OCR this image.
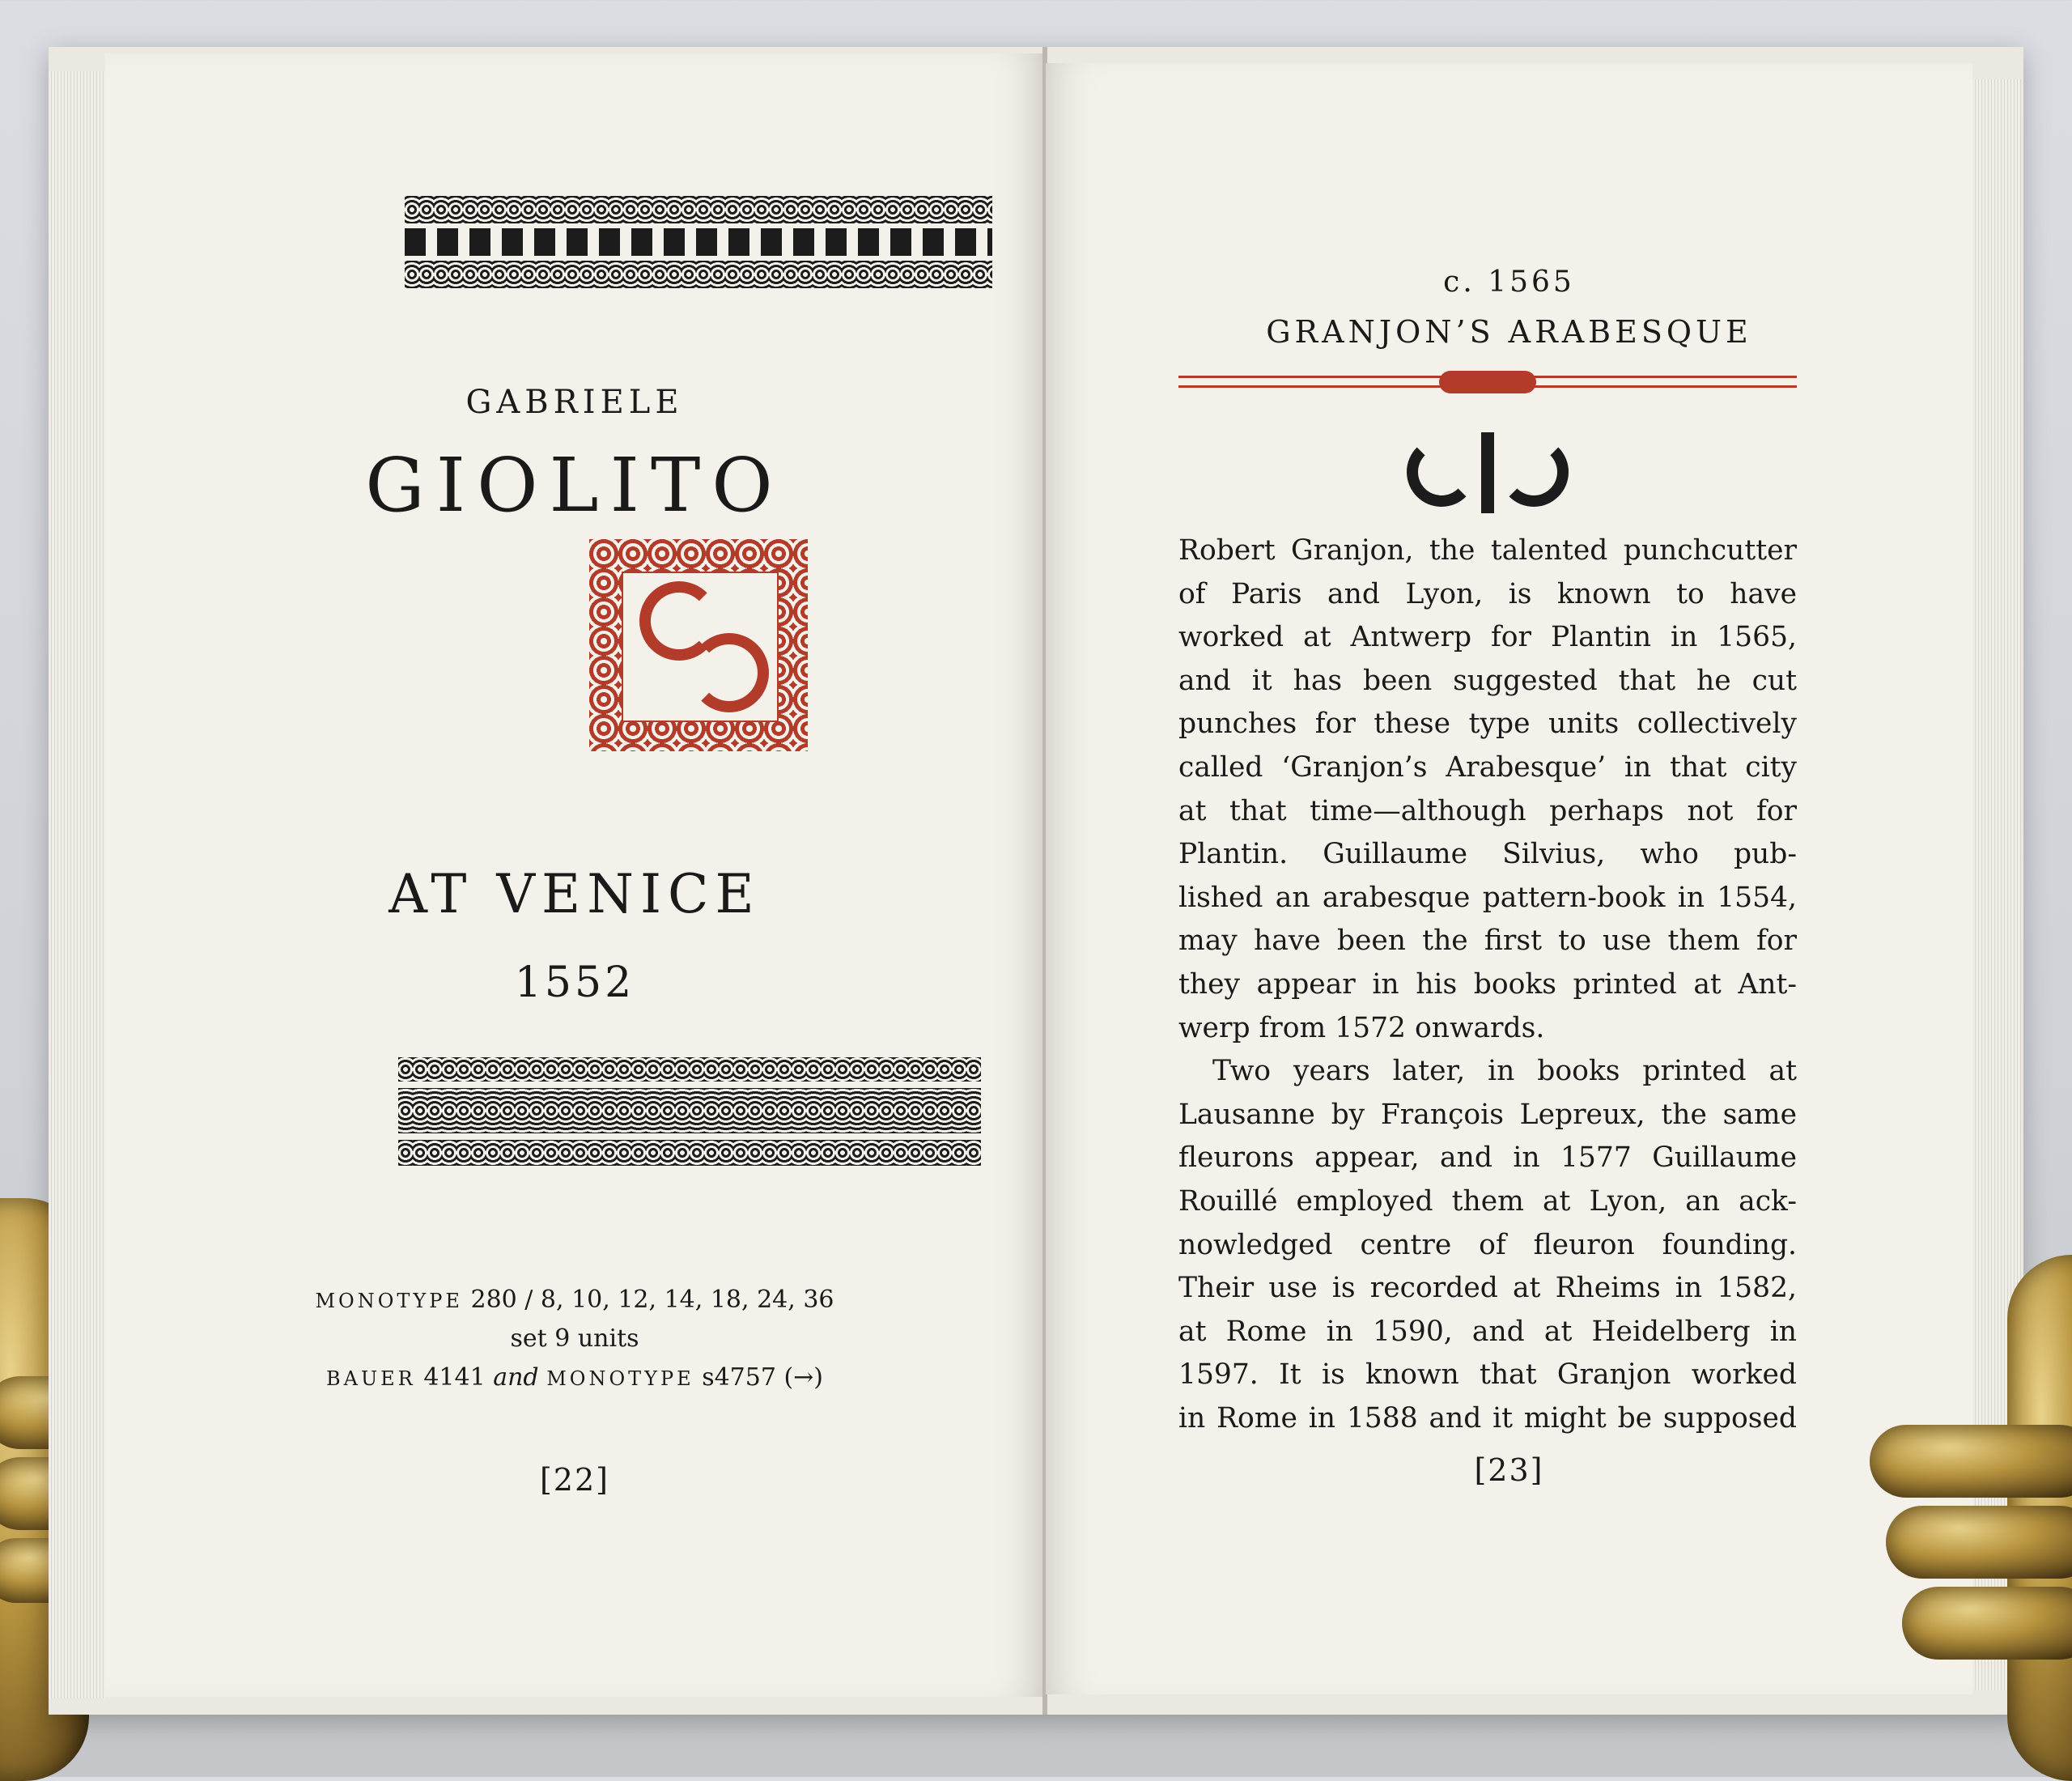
GABRIELE
GIOLITO
AT VENICE
1552
MONOTYPE 280 / 8, 10, 12, 14, 18, 24, 36
set 9 units
BAUER 4141 and MONOTYPE s4757 (→)
[22]
c. 1565
GRANJON’S ARABESQUE
Robert Granjon, the talented punchcutter
of Paris and Lyon, is known to have
worked at Antwerp for Plantin in 1565,
and it has been suggested that he cut
punches for these type units collectively
called ‘Granjon’s Arabesque’ in that city
at that time—although perhaps not for
Plantin. Guillaume Silvius, who pub-
lished an arabesque pattern-book in 1554,
may have been the first to use them for
they appear in his books printed at Ant-
werp from 1572 onwards.
Two years later, in books printed at
Lausanne by François Lepreux, the same
fleurons appear, and in 1577 Guillaume
Rouillé employed them at Lyon, an ack-
nowledged centre of fleuron founding.
Their use is recorded at Rheims in 1582,
at Rome in 1590, and at Heidelberg in
1597. It is known that Granjon worked
in Rome in 1588 and it might be supposed
[23]
